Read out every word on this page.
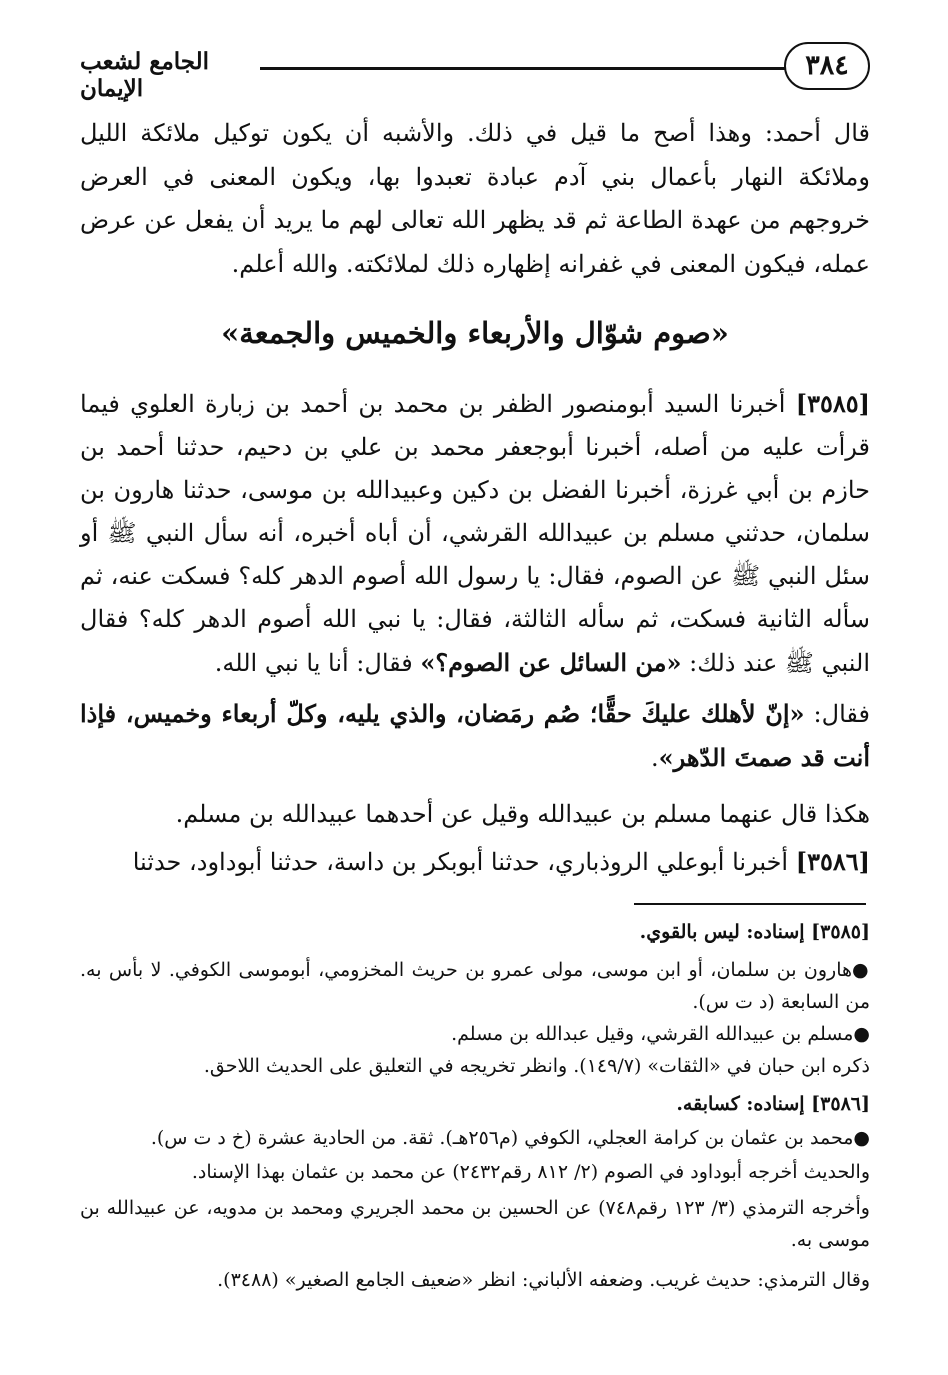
٣٨٤
الجامع لشعب الإيمان

قال أحمد: وهذا أصح ما قيل في ذلك. والأشبه أن يكون توكيل ملائكة الليل وملائكة النهار بأعمال بني آدم عبادة تعبدوا بها، ويكون المعنى في العرض خروجهم من عهدة الطاعة ثم قد يظهر الله تعالى لهم ما يريد أن يفعل عن عرض عمله، فيكون المعنى في غفرانه إظهاره ذلك لملائكته. والله أعلم.

«صوم شوّال والأربعاء والخميس والجمعة»

[٣٥٨٥] أخبرنا السيد أبومنصور الظفر بن محمد بن أحمد بن زبارة العلوي فيما قرأت عليه من أصله، أخبرنا أبوجعفر محمد بن علي بن دحيم، حدثنا أحمد بن حازم بن أبي غرزة، أخبرنا الفضل بن دكين وعبيدالله بن موسى، حدثنا هارون بن سلمان، حدثني مسلم بن عبيدالله القرشي، أن أباه أخبره، أنه سأل النبي ﷺ أو سئل النبي ﷺ عن الصوم، فقال: يا رسول الله أصوم الدهر كله؟ فسكت عنه، ثم سأله الثانية فسكت، ثم سأله الثالثة، فقال: يا نبي الله أصوم الدهر كله؟ فقال النبي ﷺ عند ذلك: «من السائل عن الصوم؟» فقال: أنا يا نبي الله.

فقال: «إنّ لأهلك عليكَ حقًّا؛ صُم رمَضان، والذي يليه، وكلّ أربعاء وخميس، فإذا أنت قد صمتَ الدّهر».

هكذا قال عنهما مسلم بن عبيدالله وقيل عن أحدهما عبيدالله بن مسلم.

[٣٥٨٦] أخبرنا أبوعلي الروذباري، حدثنا أبوبكر بن داسة، حدثنا أبوداود، حدثنا

[٣٥٨٥] إسناده: ليس بالقوي.

●هارون بن سلمان، أو ابن موسى، مولى عمرو بن حريث المخزومي، أبوموسى الكوفي. لا بأس به. من السابعة (د ت س).

●مسلم بن عبيدالله القرشي، وقيل عبدالله بن مسلم.

ذكره ابن حبان في «الثقات» (١٤٩/٧). وانظر تخريجه في التعليق على الحديث اللاحق.

[٣٥٨٦] إسناده: كسابقه.

●محمد بن عثمان بن كرامة العجلي، الكوفي (م٢٥٦هـ). ثقة. من الحادية عشرة (خ د ت س).

والحديث أخرجه أبوداود في الصوم (٢/ ٨١٢ رقم٢٤٣٢) عن محمد بن عثمان بهذا الإسناد.

وأخرجه الترمذي (٣/ ١٢٣ رقم٧٤٨) عن الحسين بن محمد الجريري ومحمد بن مدويه، عن عبيدالله بن موسى به.

وقال الترمذي: حديث غريب. وضعفه الألباني: انظر «ضعيف الجامع الصغير» (٣٤٨٨).
